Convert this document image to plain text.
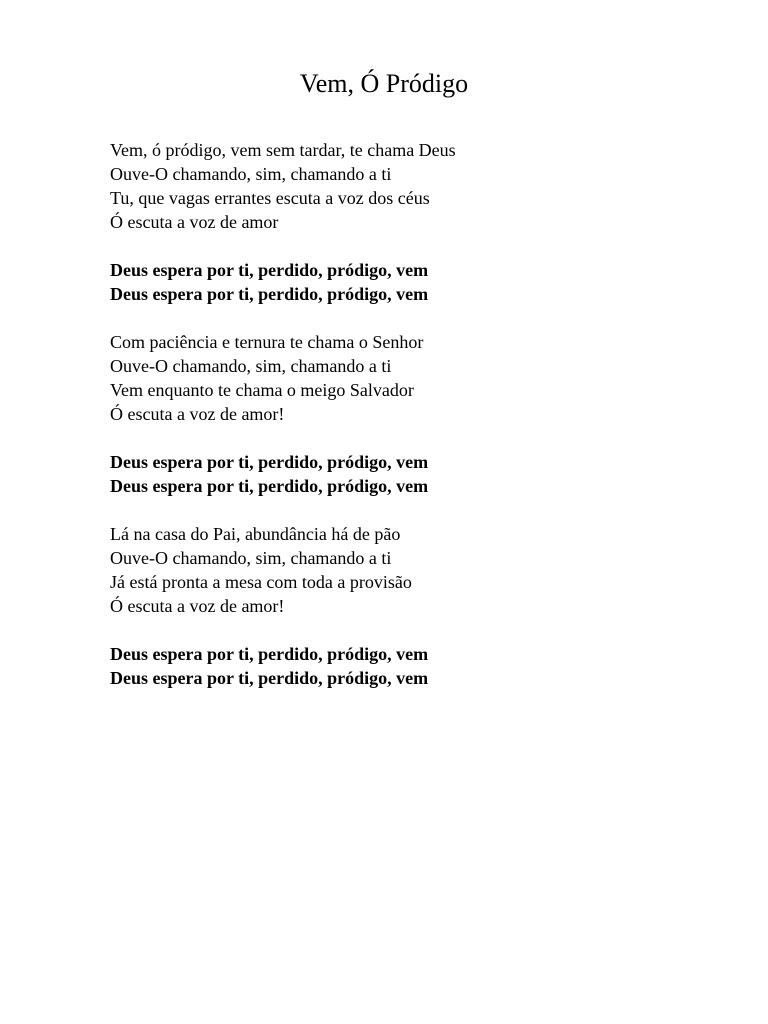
Vem, Ó Pródigo
Vem, ó pródigo, vem sem tardar, te chama Deus
Ouve-O chamando, sim, chamando a ti
Tu, que vagas errantes escuta a voz dos céus
Ó escuta a voz de amor
Deus espera por ti, perdido, pródigo, vem
Deus espera por ti, perdido, pródigo, vem
Com paciência e ternura te chama o Senhor
Ouve-O chamando, sim, chamando a ti
Vem enquanto te chama o meigo Salvador
Ó escuta a voz de amor!
Deus espera por ti, perdido, pródigo, vem
Deus espera por ti, perdido, pródigo, vem
Lá na casa do Pai, abundância há de pão
Ouve-O chamando, sim, chamando a ti
Já está pronta a mesa com toda a provisão
Ó escuta a voz de amor!
Deus espera por ti, perdido, pródigo, vem
Deus espera por ti, perdido, pródigo, vem
